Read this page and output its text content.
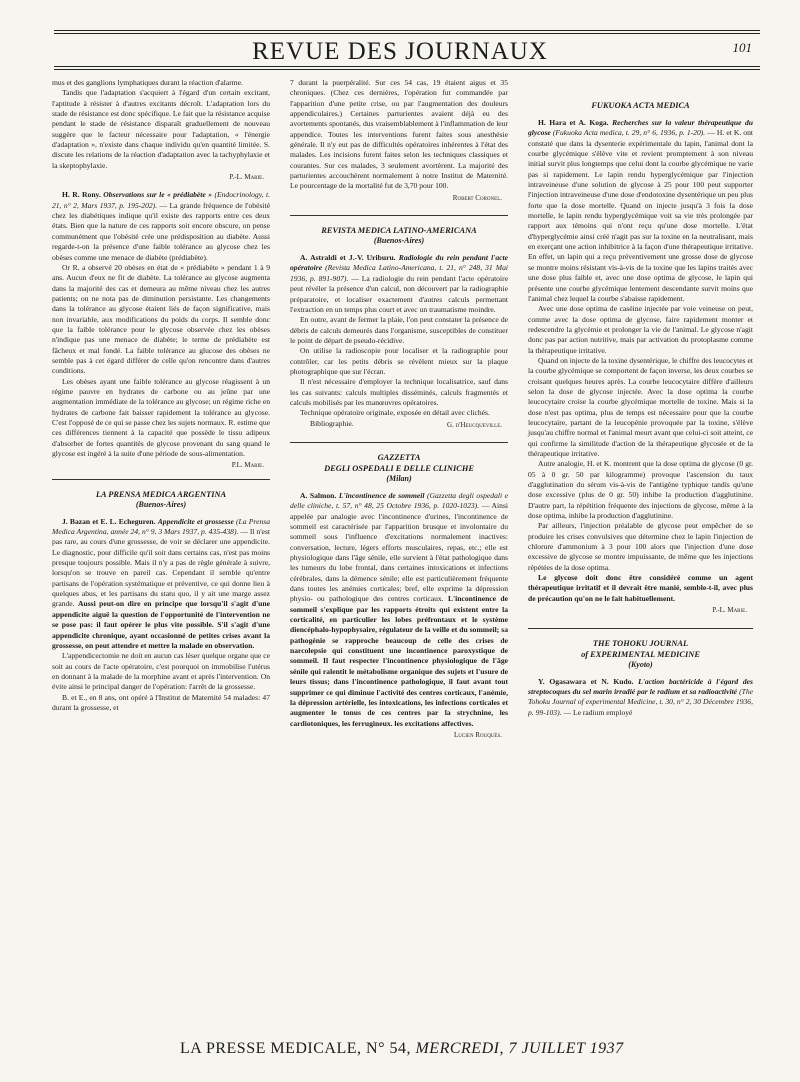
REVUE DES JOURNAUX	101

mus et des ganglions lymphatiques durant la réaction d'alarme.

Tandis que l'adaptation s'acquiert à l'égard d'un certain excitant, l'aptitude à résister à d'autres excitants décroît. L'adaptation lors du stade de résistance est donc spécifique. Le fait que la résistance acquise pendant le stade de résistance disparaît graduellement de nouveau suggère que le facteur nécessaire pour l'adaptation, « l'énergie d'adaptation », n'existe dans chaque individu qu'en quantité limitée. S. discute les relations de la réaction d'adaptation avec la tachyphylaxie et la skeptophylaxie.

P.-L. Marie.

H. R. Rony. Observations sur le « prédiabète » (Endocrinology, t. 21, n° 2, Mars 1937, p. 195-202). — La grande fréquence de l'obésité chez les diabétiques indique qu'il existe des rapports entre ces deux états. Bien que la nature de ces rapports soit encore obscure, on pense communément que l'obésité crée une prédisposition au diabète. Aussi regarde-t-on la présence d'une faible tolérance au glycose chez les obèses comme une menace de diabète (prédiabète).

Or R. a observé 20 obèses en état de « prédiabète » pendant 1 à 9 ans. Aucun d'eux ne fit de diabète. La tolérance au glycose augmenta dans la majorité des cas et demeura au même niveau chez les autres patients; on ne nota pas de diminution persistante. Les changements dans la tolérance au glycose étaient liés de façon significative, mais non invariable, aux modifications du poids du corps. Il semble donc que la faible tolérance pour le glycose observée chez les obèses n'indique pas une menace de diabète; le terme de prédiabète est fâcheux et mal fondé. La faible tolérance au glucose des obèses ne semble pas à cet égard différer de celle qu'on rencontre dans d'autres conditions.

Les obèses ayant une faible tolérance au glycose réagissent à un régime pauvre en hydrates de carbone ou au jeûne par une augmentation immédiate de la tolérance au glycose; un régime riche en hydrates de carbone fait baisser rapidement la tolérance au glycose. C'est l'opposé de ce qui se passe chez les sujets normaux. R. estime que ces différences tiennent à la capacité que possède le tissu adipeux d'absorber de fortes quantités de glycose provenant du sang quand le glycose est ingéré à la suite d'une période de sous-alimentation.

P.L. Marie.

LA PRENSA MEDICA ARGENTINA

(Buenos-Aires)

J. Bazan et E. L. Echeguren. Appendicite et grossesse (La Prensa Medica Argentina, année 24, n° 9, 3 Mars 1937, p. 435-438). — Il n'est pas rare, au cours d'une grossesse, de voir se déclarer une appendicite. Le diagnostic, pour difficile qu'il soit dans certains cas, n'est pas moins presque toujours possible. Mais il n'y a pas de règle générale à suivre, lorsqu'on se trouve en pareil cas. Cependant il semble qu'entre partisans de l'opération systématique et préventive, ce qui donne lieu à quelques abus, et les partisans du statu quo, il y ait une marge assez grande. Aussi peut-on dire en principe que lorsqu'il s'agit d'une appendicite aiguë la question de l'opportunité de l'intervention ne se pose pas: il faut opérer le plus vite possible. S'il s'agit d'une appendicite chronique, ayant occasionné de petites crises avant la grossesse, on peut attendre et mettre la malade en observation.

L'appendicectomie ne doit en aucun cas léser quelque organe que ce soit au cours de l'acte opératoire, c'est pourquoi on immobilise l'utérus en donnant à la malade de la morphine avant et après l'intervention. On évite ainsi le principal danger de l'opération: l'arrêt de la grossesse.

B. et E., en 8 ans, ont opéré à l'Institut de Maternité 54 malades: 47 durant la grossesse, et

7 durant la puerpéralité. Sur ces 54 cas, 19 étaient aigus et 35 chroniques. (Chez ces dernières, l'opération fut commandée par l'apparition d'une petite crise, ou par l'augmentation des douleurs appendiculaires.) Certaines parturientes avaient déjà eu des avortements spontanés, dus vraisemblablement à l'inflammation de leur appendice. Toutes les interventions furent faites sous anesthésie générale. Il n'y eut pas de difficultés opératoires inhérentes à l'état des malades. Les incisions furent faites selon les techniques classiques et courantes. Sur ces malades, 3 seulement avortèrent. La majorité des parturientes accouchèrent normalement à notre Institut de Maternité. Le pourcentage de la mortalité fut de 3,70 pour 100.

Robert Coronel.

REVISTA MEDICA LATINO-AMERICANA

(Buenos-Aires)

A. Astraldi et J.-V. Uriburu. Radiologie du rein pendant l'acte opératoire (Revista Medica Latino-Americana, t. 21, n° 248, 31 Mai 1936, p. 891-907). — La radiologie du rein pendant l'acte opératoire peut révéler la présence d'un calcul, non découvert par la radiographie préparatoire, et localiser exactement d'autres calculs permettant l'extraction en un temps plus court et avec un traumatisme moindre.

En outre, avant de fermer la plaie, l'on peut constater la présence de débris de calculs demeurés dans l'organisme, susceptibles de constituer le point de départ de pseudo-récidive.

On utilise la radioscopie pour localiser et la radiographie pour contrôler, car les petits débris se révèlent mieux sur la plaque photographique que sur l'écran.

Il n'est nécessaire d'employer la technique localisatrice, sauf dans les cas suivants: calculs multiples disséminés, calculs fragmentés et calculs mobilisés par les manœuvres opératoires.

Technique opératoire originale, exposée en détail avec clichés.

Bibliographie.	G. d'Heucqueville.

GAZZETTA

DEGLI OSPEDALI E DELLE CLINICHE

(Milan)

A. Salmon. L'incontinence de sommeil (Gazzetta degli ospedali e delle cliniche, t. 57, n° 48, 25 Octobre 1936, p. 1020-1023). — Ainsi appelée par analogie avec l'incontinence d'urines, l'incontinence de sommeil est caractérisée par l'apparition brusque et involontaire du sommeil sous l'influence d'excitations normalement inactives: conversation, lecture, légers efforts musculaires, repas, etc.; elle est physiologique dans l'âge sénile, elle survient à l'état pathologique dans les tumeurs du lobe frontal, dans certaines intoxications et infections cérébrales, dans la démence sénile; elle est particulièrement fréquente dans toutes les anémies corticales; bref, elle exprime la dépression physio- ou pathologique des centres corticaux. L'incontinence de sommeil s'explique par les rapports étroits qui existent entre la corticalité, en particulier les lobes préfrontaux et le système diencéphalo-hypophysaire, régulateur de la veille et du sommeil; sa pathogénie se rapproche beaucoup de celle des crises de narcolepsie qui constituent une incontinence paroxystique de sommeil. Il faut respecter l'incontinence physiologique de l'âge sénile qui ralentit le métabolisme organique des sujets et l'usure de leurs tissus; dans l'incontinence pathologique, il faut avant tout supprimer ce qui diminue l'activité des centres corticaux, l'anémie, la dépression artérielle, les intoxications, les infections corticales et augmenter le tonus de ces centres par la strychnine, les cardiotoniques, les ferrugineux. les excitations affectives.

Lucien Rouquès.

FUKUOKA ACTA MEDICA

H. Hara et A. Koga. Recherches sur la valeur thérapeutique du glycose (Fukuoka Acta medica, t. 29, n° 6, 1936, p. 1-20). — H. et K. ont constaté que dans la dysenterie expérimentale du lapin, l'animal dont la courbe glycémique s'élève vite et revient promptement à son niveau initial survit plus longtemps que celui dont la courbe glycémique ne varie pas si rapidement. Le lapin rendu hyperglycémique par l'injection intraveineuse d'une solution de glycose à 25 pour 100 peut supporter l'injection intraveineuse d'une dose d'endotoxine dysentérique un peu plus forte que la dose mortelle. Quand on injecte jusqu'à 3 fois la dose mortelle, le lapin rendu hyperglycémique voit sa vie très prolongée par rapport aux témoins qui n'ont reçu qu'une dose mortelle. L'état d'hyperglycémie ainsi créé n'agit pas sur la toxine en la neutralisant, mais en exerçant une action inhibitrice à la façon d'une thérapeutique irritative. En effet, un lapin qui a reçu préventivement une grosse dose de glycose se montre moins résistant vis-à-vis de la toxine que les lapins traités avec une dose plus faible et, avec une dose optima de glycose, le lapin qui présente une courbe glycémique lentement descendante survit moins que l'animal chez lequel la courbe s'abaisse rapidement.

Avec une dose optima de caséine injectée par voie veineuse on peut, comme avec la dose optima de glycose, faire rapidement monter et redescendre la glycémie et prolonger la vie de l'animal. Le glycose n'agit donc pas par action nutritive, mais par activation du protoplasme comme la thérapeutique irritative.

Quand on injecte de la toxine dysentérique, le chiffre des leucocytes et la courbe glycémique se comportent de façon inverse, les deux courbes se croisant quelques heures après. La courbe leucocytaire diffère d'ailleurs selon la dose de glycose injectée. Avec la dose optima la courbe leucocytaire croise la courbe glycémique mortelle de toxine. Mais si la dose n'est pas optima, plus de temps est nécessaire pour que la courbe leucocytaire, partant de la leucopénie provoquée par la toxine, s'élève jusqu'au chiffre normal et l'animal meurt avant que celui-ci soit atteint, ce qui confirme la similitude d'action de la thérapeutique glycosée et de la thérapeutique irritative.

Autre analogie, H. et K. montrent que la dose optima de glycose (0 gr. 05 à 0 gr. 50 par kilogramme) provoque l'ascension du taux d'agglutination du sérum vis-à-vis de l'antigène typhique tandis qu'une dose excessive (plus de 0 gr. 50) inhibe la production d'agglutinine. D'autre part, la répétition fréquente des injections de glycose, même à la dose optima, inhibe la production d'agglutinine.

Par ailleurs, l'injection préalable de glycose peut empêcher de se produire les crises convulsives que détermine chez le lapin l'injection de chlorure d'ammonium à 3 pour 100 alors que l'injection d'une dose excessive de glycose se montre impuissante, de même que les injections répétées de la dose optima.

Le glycose doit donc être considéré comme un agent thérapeutique irritatif et il devrait être manié, semble-t-il, avec plus de précaution qu'on ne le fait habituellement.

P.-L. Marie.

THE TOHOKU JOURNAL

of EXPERIMENTAL MEDICINE

(Kyoto)

Y. Ogasawara et N. Kudo. L'action bactéricide à l'égard des streptocoques du sel marin irradié par le radium et sa radioactivité (The Tohoku Journal of experimental Medicine, t. 30, n° 2, 30 Décembre 1936, p. 99-103). — Le radium employé

LA PRESSE MEDICALE, N° 54, MERCREDI, 7 JUILLET 1937
